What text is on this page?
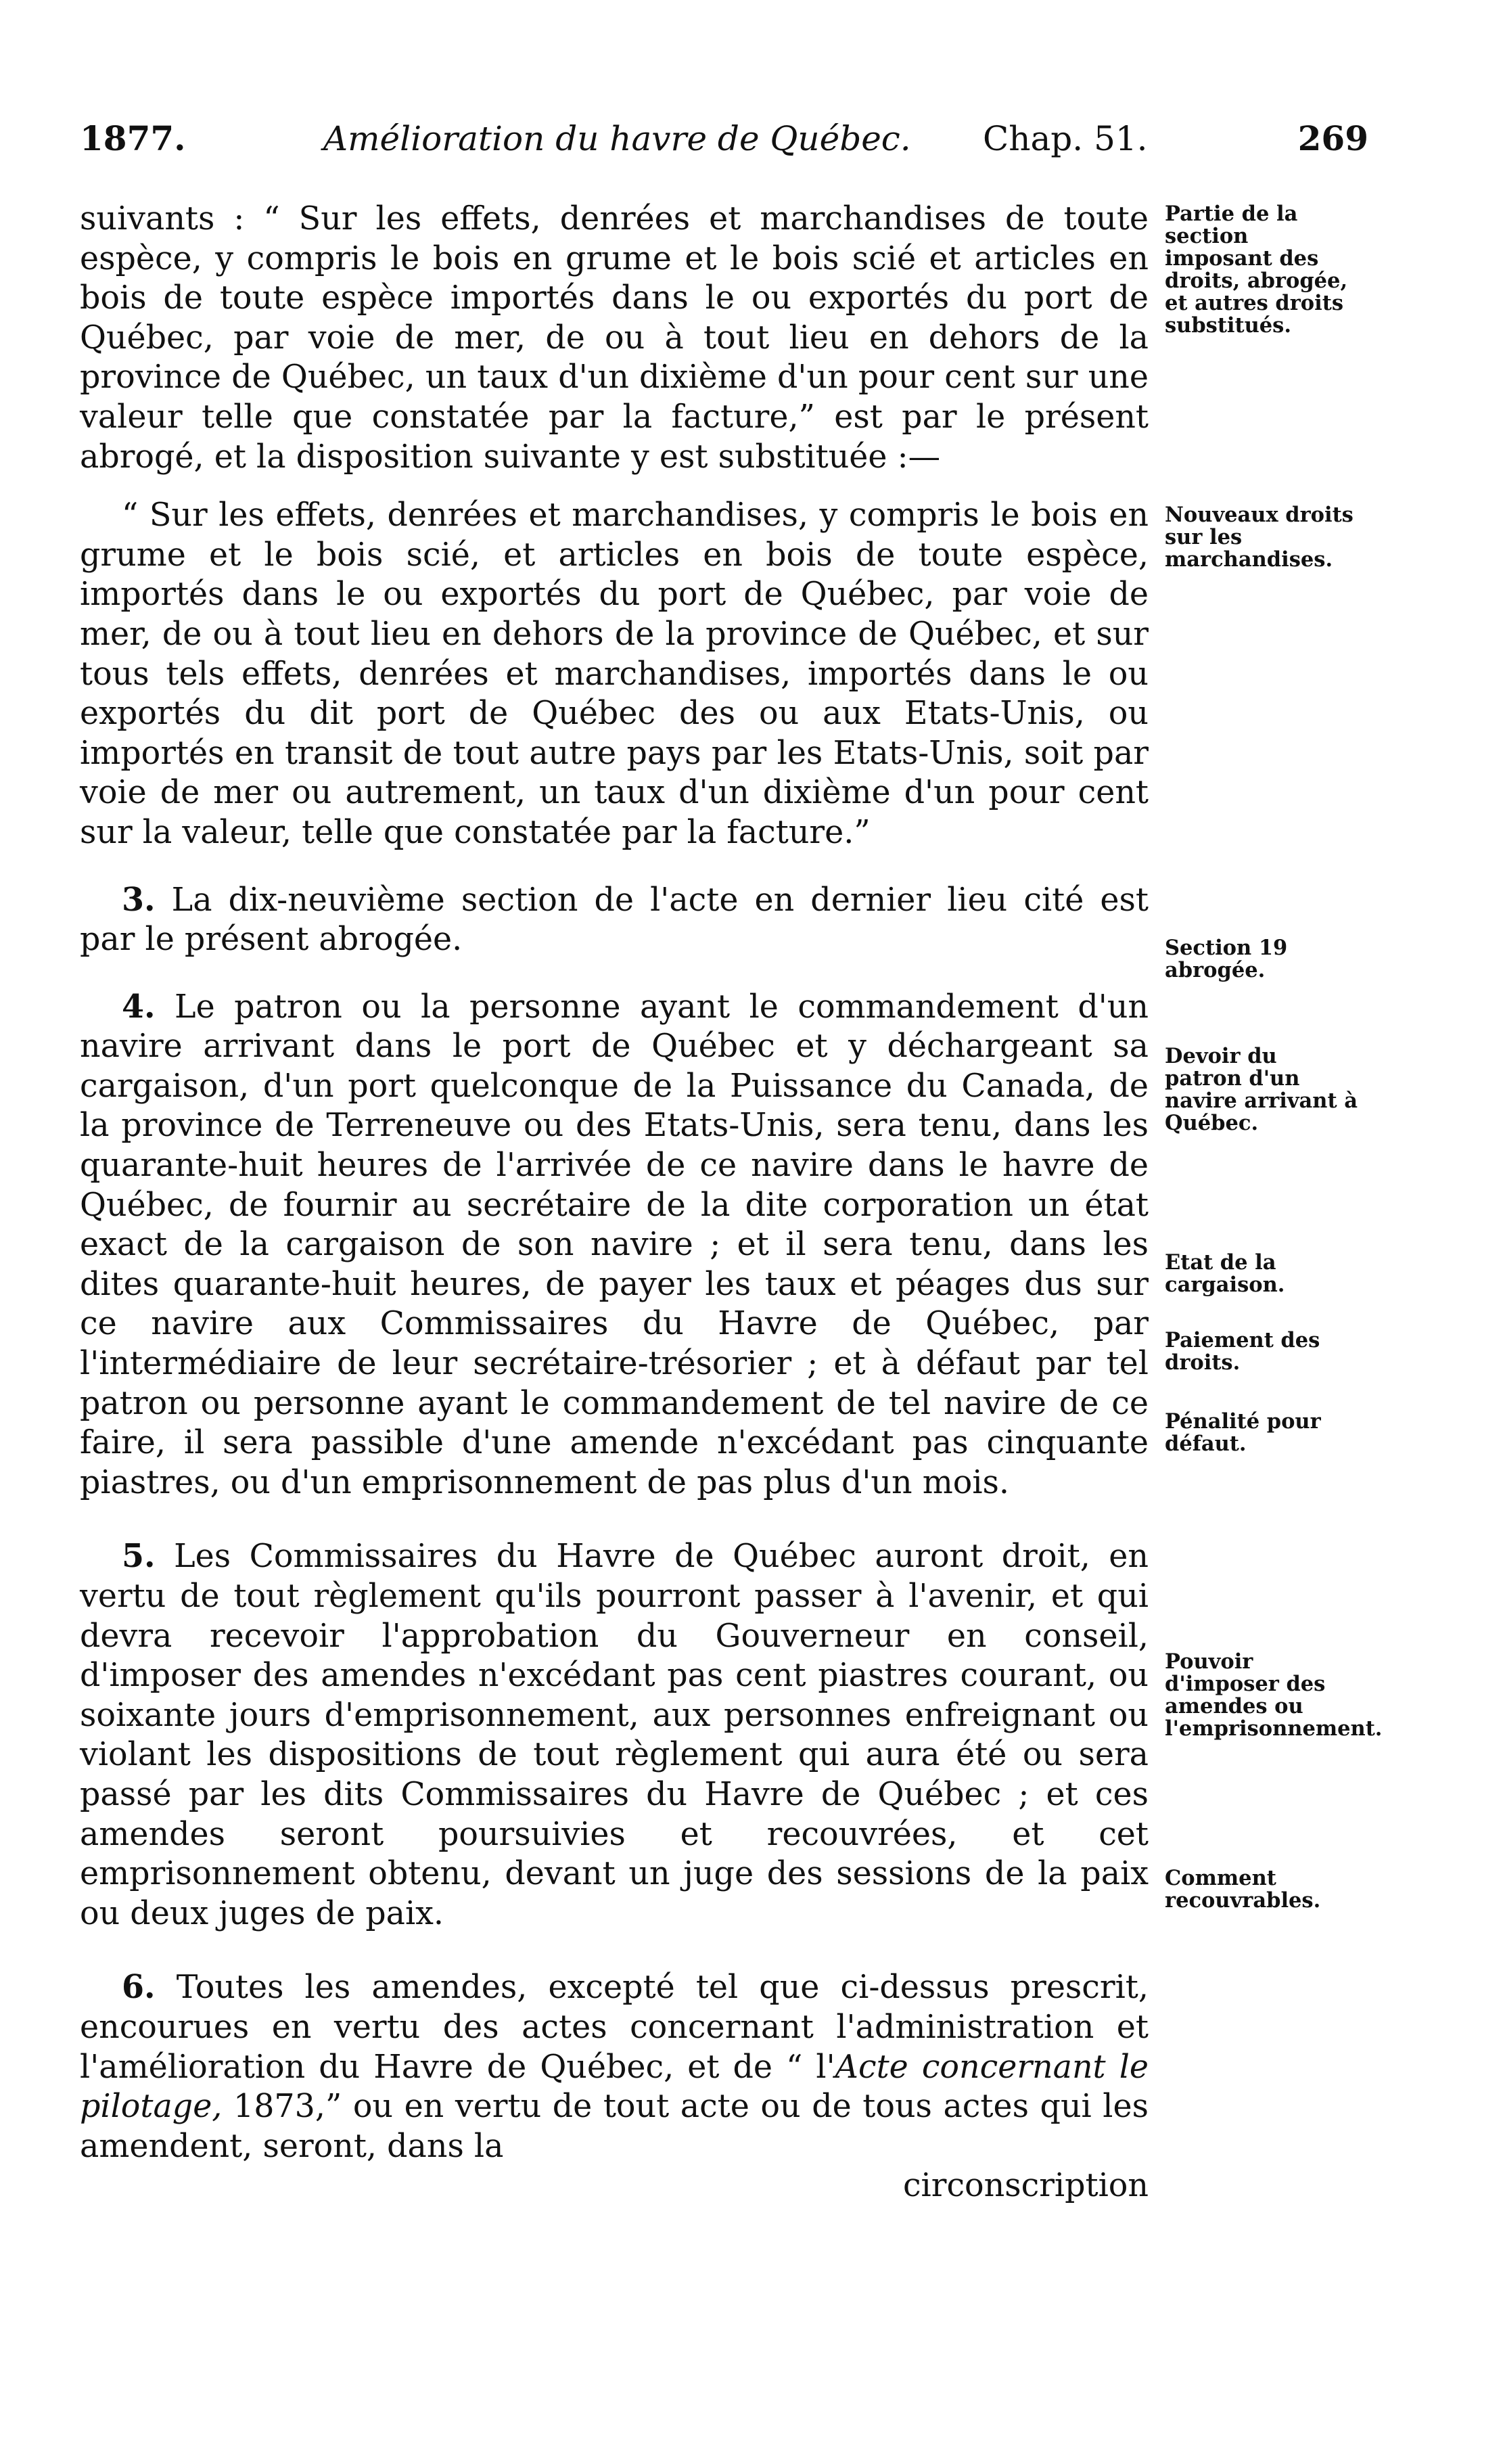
1877.	Amélioration du havre de Québec. Chap. 51.	269

suivants : “ Sur les effets, denrées et marchandises de toute espèce, y compris le bois en grume et le bois scié et articles en bois de toute espèce importés dans le ou exportés du port de Québec, par voie de mer, de ou à tout lieu en dehors de la province de Québec, un taux d'un dixième d'un pour cent sur une valeur telle que constatée par la facture,” est par le présent abrogé, et la disposition suivante y est substituée :—

“ Sur les effets, denrées et marchandises, y compris le bois en grume et le bois scié, et articles en bois de toute espèce, importés dans le ou exportés du port de Québec, par voie de mer, de ou à tout lieu en dehors de la province de Québec, et sur tous tels effets, denrées et marchandises, importés dans le ou exportés du dit port de Québec des ou aux Etats-Unis, ou importés en transit de tout autre pays par les Etats-Unis, soit par voie de mer ou autrement, un taux d'un dixième d'un pour cent sur la valeur, telle que constatée par la facture.”

3. La dix-neuvième section de l'acte en dernier lieu cité est par le présent abrogée.

4. Le patron ou la personne ayant le commandement d'un navire arrivant dans le port de Québec et y déchargeant sa cargaison, d'un port quelconque de la Puissance du Canada, de la province de Terreneuve ou des Etats-Unis, sera tenu, dans les quarante-huit heures de l'arrivée de ce navire dans le havre de Québec, de fournir au secrétaire de la dite corporation un état exact de la cargaison de son navire ; et il sera tenu, dans les dites quarante-huit heures, de payer les taux et péages dus sur ce navire aux Commissaires du Havre de Québec, par l'intermédiaire de leur secrétaire-trésorier ; et à défaut par tel patron ou personne ayant le commandement de tel navire de ce faire, il sera passible d'une amende n'excédant pas cinquante piastres, ou d'un emprisonnement de pas plus d'un mois.

5. Les Commissaires du Havre de Québec auront droit, en vertu de tout règlement qu'ils pourront passer à l'avenir, et qui devra recevoir l'approbation du Gouverneur en conseil, d'imposer des amendes n'excédant pas cent piastres courant, ou soixante jours d'emprisonnement, aux personnes enfreignant ou violant les dispositions de tout règlement qui aura été ou sera passé par les dits Commissaires du Havre de Québec ; et ces amendes seront poursuivies et recouvrées, et cet emprisonnement obtenu, devant un juge des sessions de la paix ou deux juges de paix.

6. Toutes les amendes, excepté tel que ci-dessus prescrit, encourues en vertu des actes concernant l'administration et l'amélioration du Havre de Québec, et de “ l'Acte concernant le pilotage, 1873,” ou en vertu de tout acte ou de tous actes qui les amendent, seront, dans la

circonscription

Partie de la section imposant des droits, abrogée, et autres droits substitués.

Nouveaux droits sur les marchandises.

Section 19 abrogée.

Devoir du patron d'un navire arrivant à Québec.

Etat de la cargaison.

Paiement des droits.

Pénalité pour défaut.

Pouvoir d'imposer des amendes ou l'emprisonnement.

Comment recouvrables.
